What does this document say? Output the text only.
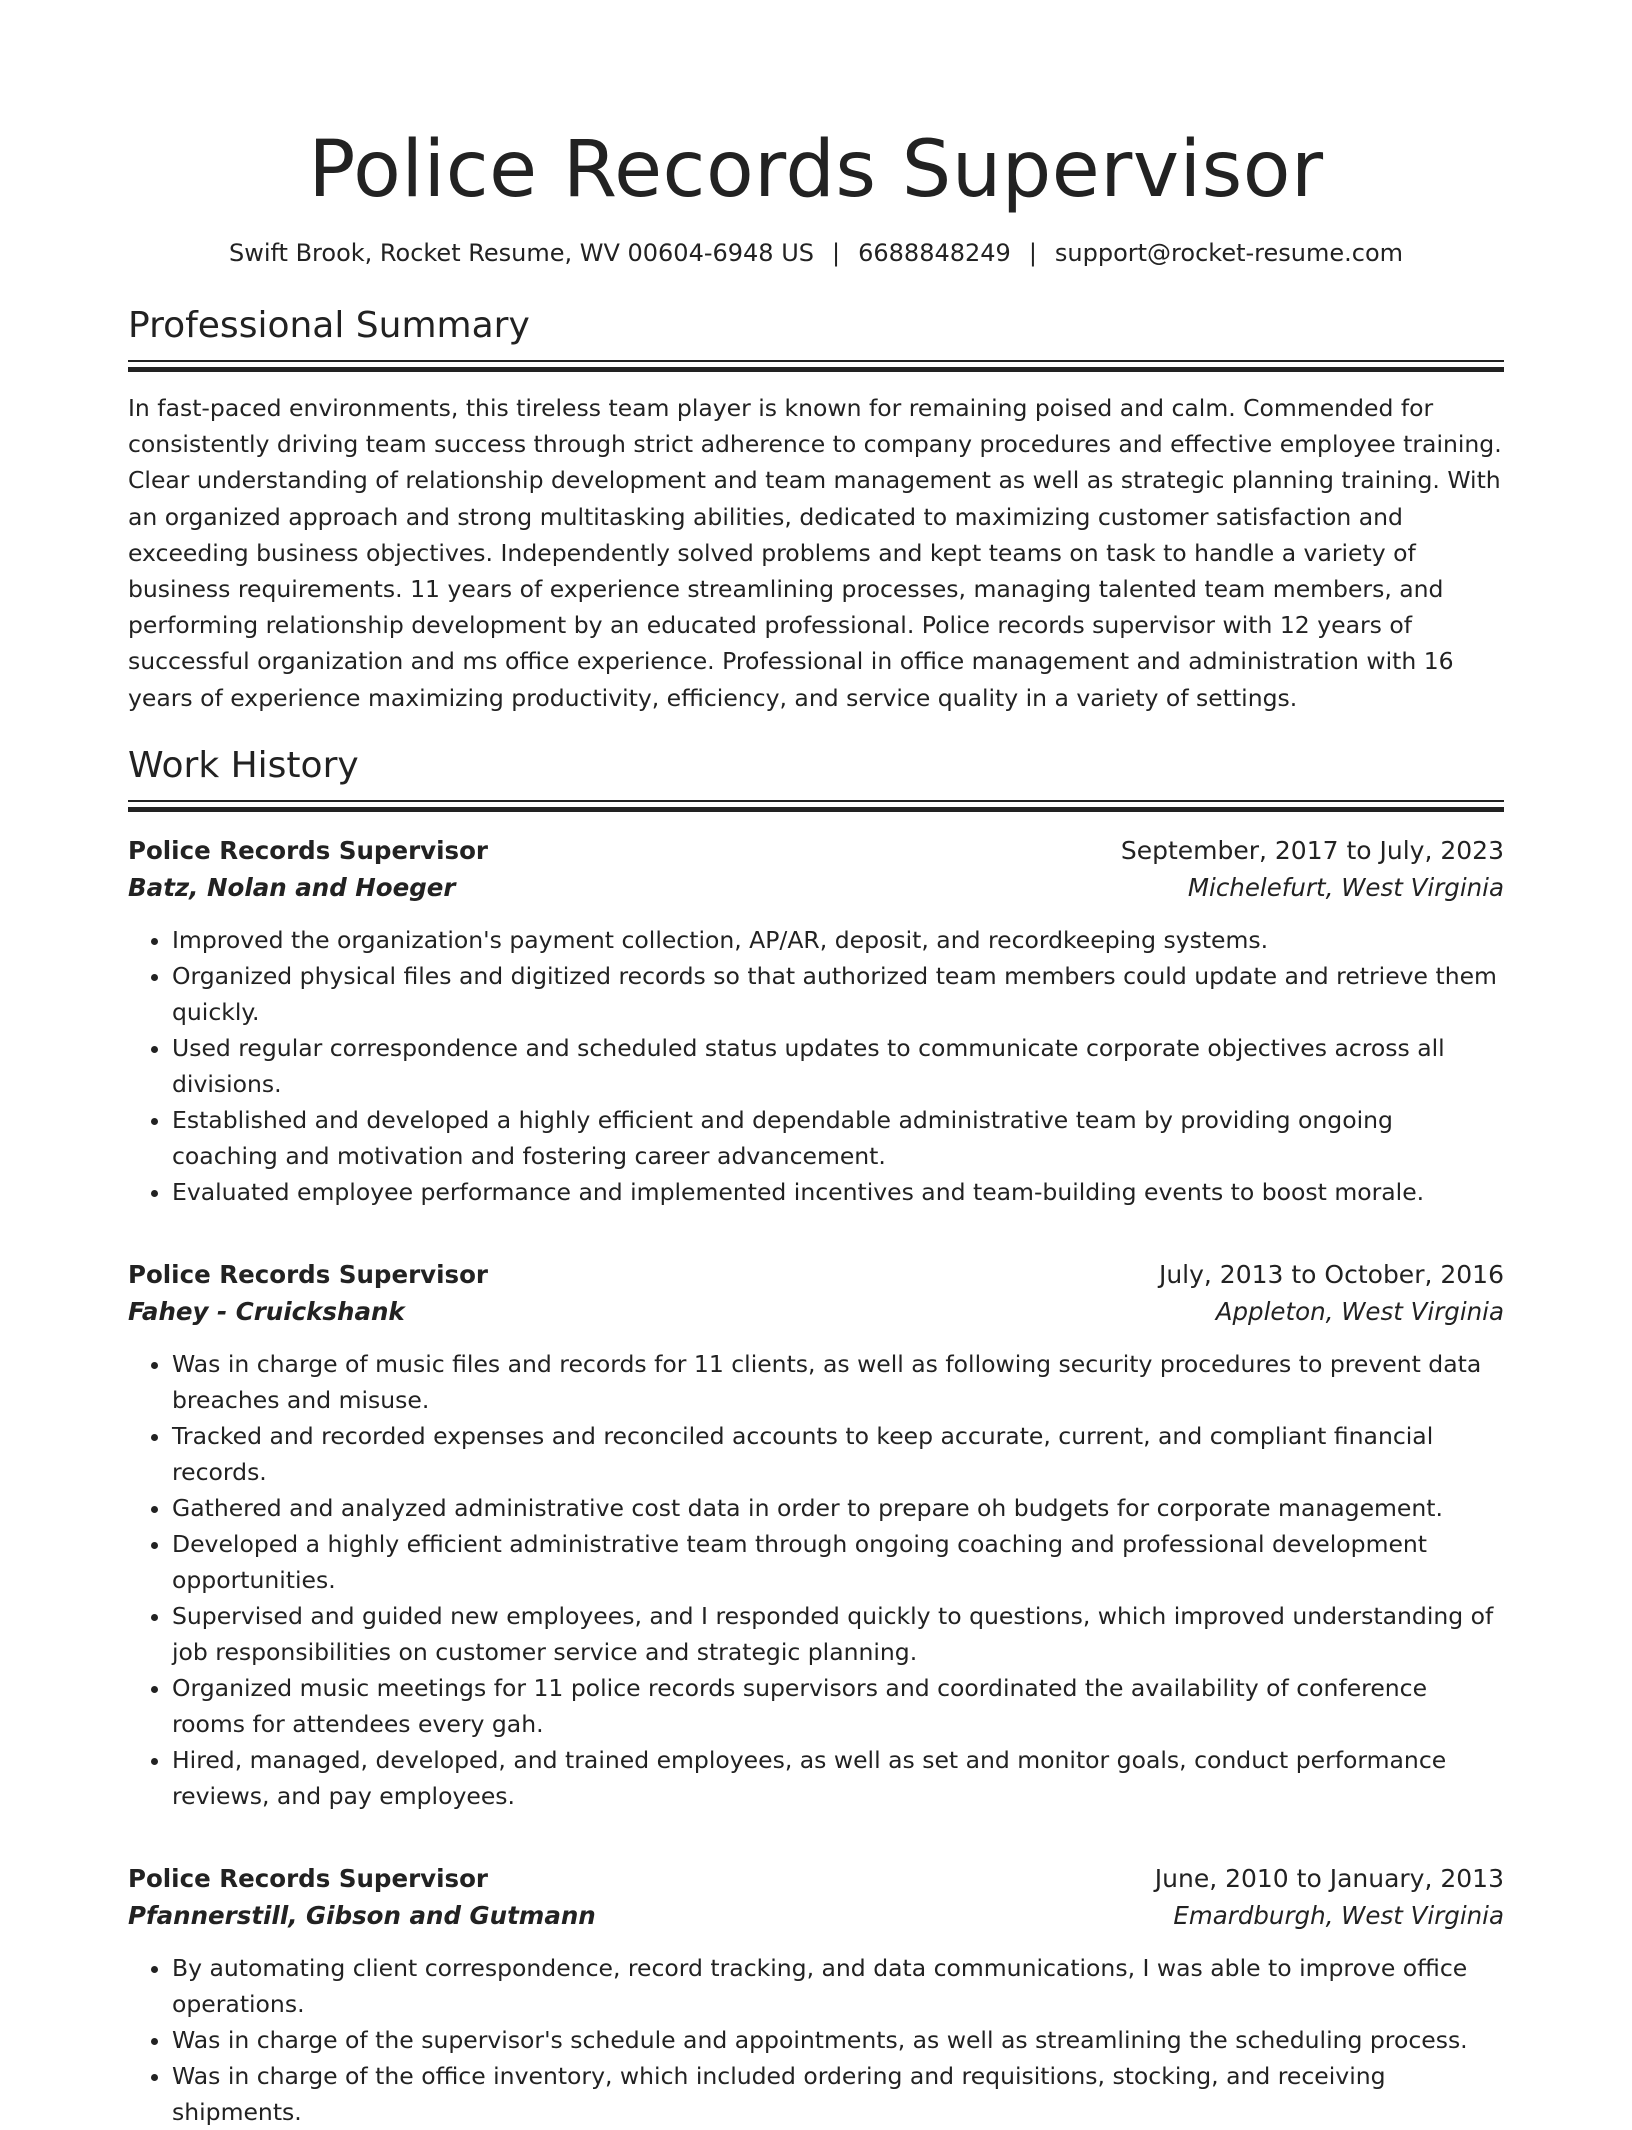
Police Records Supervisor
Swift Brook, Rocket Resume, WV 00604-6948 US | 6688848249 | support@rocket-resume.com
Professional Summary

In fast-paced environments, this tireless team player is known for remaining poised and calm. Commended for consistently driving team success through strict adherence to company procedures and effective employee training. Clear understanding of relationship development and team management as well as strategic planning training. With an organized approach and strong multitasking abilities, dedicated to maximizing customer satisfaction and exceeding business objectives. Independently solved problems and kept teams on task to handle a variety of business requirements. 11 years of experience streamlining processes, managing talented team members, and performing relationship development by an educated professional. Police records supervisor with 12 years of successful organization and ms office experience. Professional in office management and administration with 16 years of experience maximizing productivity, efficiency, and service quality in a variety of settings.

Work History
Police Records Supervisor	September, 2017 to July, 2023
Batz, Nolan and Hoeger	Michelefurt, West Virginia
• Improved the organization's payment collection, AP/AR, deposit, and recordkeeping systems.
• Organized physical files and digitized records so that authorized team members could update and retrieve them quickly.
• Used regular correspondence and scheduled status updates to communicate corporate objectives across all divisions.
• Established and developed a highly efficient and dependable administrative team by providing ongoing coaching and motivation and fostering career advancement.
• Evaluated employee performance and implemented incentives and team-building events to boost morale.
Police Records Supervisor	July, 2013 to October, 2016
Fahey - Cruickshank	Appleton, West Virginia
• Was in charge of music files and records for 11 clients, as well as following security procedures to prevent data breaches and misuse.
• Tracked and recorded expenses and reconciled accounts to keep accurate, current, and compliant financial records.
• Gathered and analyzed administrative cost data in order to prepare oh budgets for corporate management.
• Developed a highly efficient administrative team through ongoing coaching and professional development opportunities.
• Supervised and guided new employees, and I responded quickly to questions, which improved understanding of job responsibilities on customer service and strategic planning.
• Organized music meetings for 11 police records supervisors and coordinated the availability of conference rooms for attendees every gah.
• Hired, managed, developed, and trained employees, as well as set and monitor goals, conduct performance reviews, and pay employees.
Police Records Supervisor	June, 2010 to January, 2013
Pfannerstill, Gibson and Gutmann	Emardburgh, West Virginia
• By automating client correspondence, record tracking, and data communications, I was able to improve office operations.
• Was in charge of the supervisor's schedule and appointments, as well as streamlining the scheduling process.
• Was in charge of the office inventory, which included ordering and requisitions, stocking, and receiving shipments.
